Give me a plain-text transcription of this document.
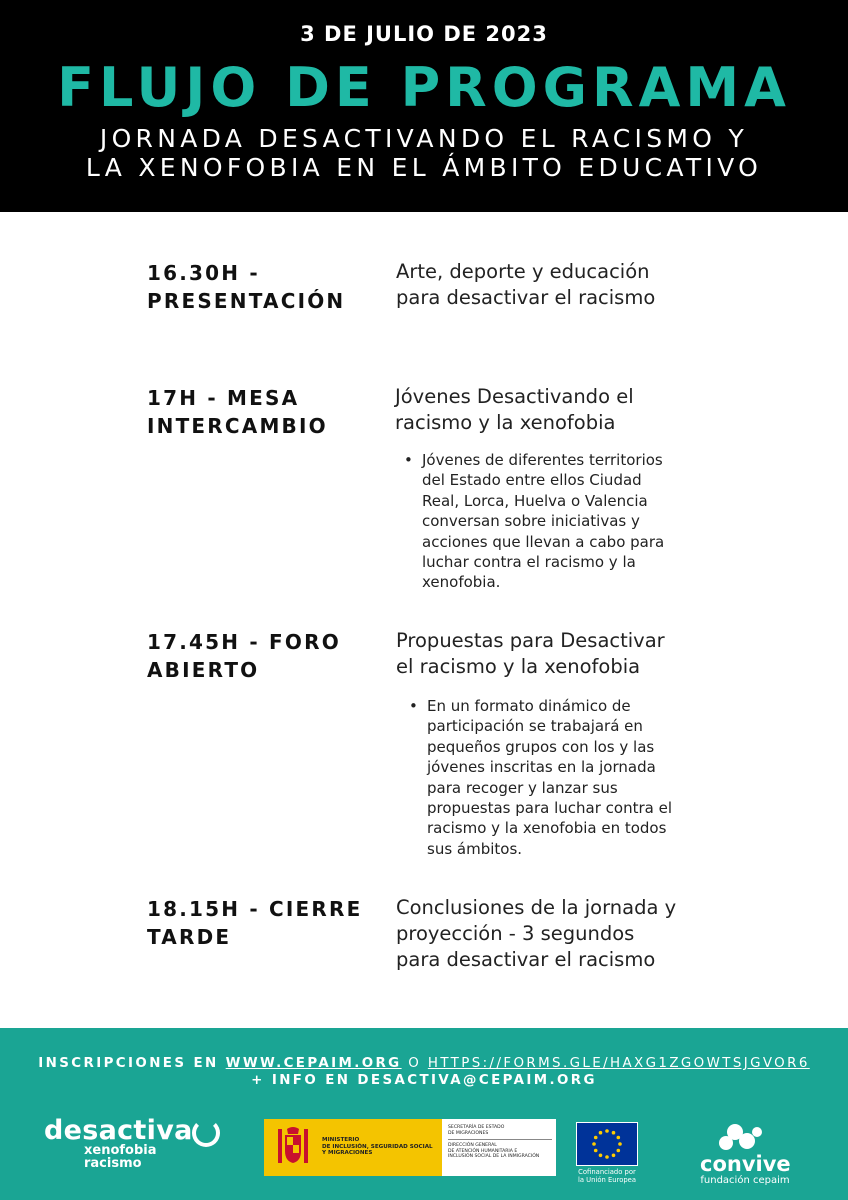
3 DE JULIO DE 2023
FLUJO DE PROGRAMA
JORNADA DESACTIVANDO EL RACISMO Y
LA XENOFOBIA EN EL ÁMBITO EDUCATIVO
16.30H -
PRESENTACIÓN
Arte, deporte y educación
para desactivar el racismo
17H - MESA
INTERCAMBIO
Jóvenes Desactivando el
racismo y la xenofobia
• Jóvenes de diferentes territorios
del Estado entre ellos Ciudad
Real, Lorca, Huelva o Valencia
conversan sobre iniciativas y
acciones que llevan a cabo para
luchar contra el racismo y la
xenofobia.
17.45H - FORO
ABIERTO
Propuestas para Desactivar
el racismo y la xenofobia
• En un formato dinámico de
participación se trabajará en
pequeños grupos con los y las
jóvenes inscritas en la jornada
para recoger y lanzar sus
propuestas para luchar contra el
racismo y la xenofobia en todos
sus ámbitos.
18.15H - CIERRE
TARDE
Conclusiones de la jornada y
proyección - 3 segundos
para desactivar el racismo
INSCRIPCIONES EN WWW.CEPAIM.ORG O HTTPS://FORMS.GLE/HAXG1ZGOWTSJGVOR6
+ INFO EN DESACTIVA@CEPAIM.ORG
desactiva
xenofobia
racismo
MINISTERIO
DE INCLUSIÓN, SEGURIDAD SOCIAL
Y MIGRACIONES
SECRETARÍA DE ESTADO
DE MIGRACIONES
DIRECCIÓN GENERAL
DE ATENCIÓN HUMANITARIA E
INCLUSIÓN SOCIAL DE LA INMIGRACIÓN
Cofinanciado por
la Unión Europea
convive
fundación cepaim
